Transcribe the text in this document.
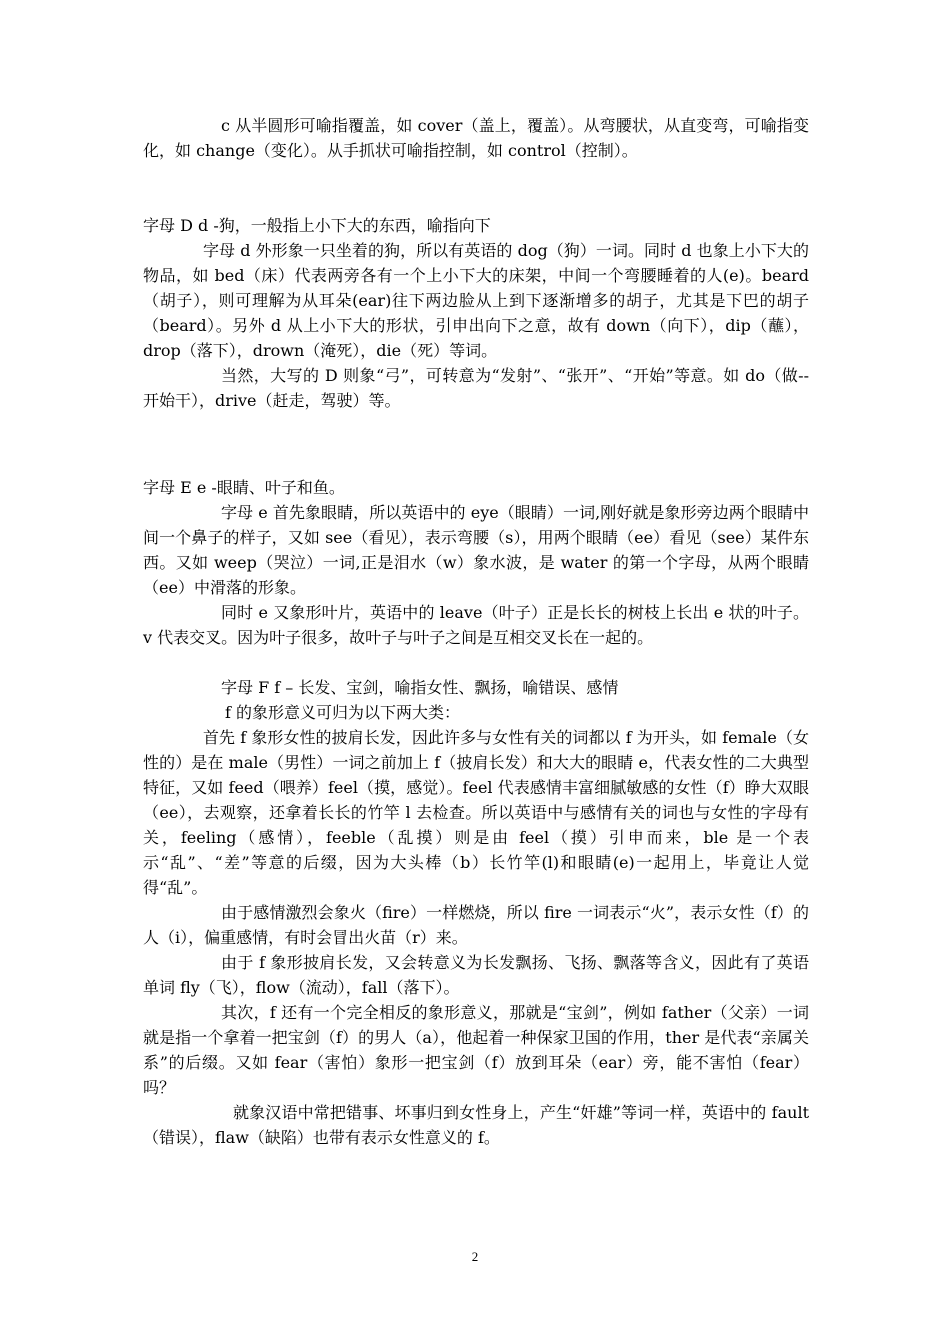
c 从半圆形可喻指覆盖，如 cover（盖上，覆盖）。从弯腰状，从直变弯，可喻指变化，如 change（变化）。从手抓状可喻指控制，如 control（控制）。

字母 D d -狗，一般指上小下大的东西，喻指向下

字母 d 外形象一只坐着的狗，所以有英语的 dog（狗）一词。同时 d 也象上小下大的物品，如 bed（床）代表两旁各有一个上小下大的床架，中间一个弯腰睡着的人(e)。beard（胡子），则可理解为从耳朵(ear)往下两边脸从上到下逐渐增多的胡子，尤其是下巴的胡子（beard）。另外 d 从上小下大的形状，引申出向下之意，故有 down（向下），dip（蘸），drop（落下），drown（淹死），die（死）等词。

当然，大写的 D 则象“弓”，可转意为“发射”、“张开”、“开始”等意。如 do（做--开始干），drive（赶走，驾驶）等。

字母 E e -眼睛、叶子和鱼。

字母 e 首先象眼睛，所以英语中的 eye（眼睛）一词,刚好就是象形旁边两个眼睛中间一个鼻子的样子，又如 see（看见），表示弯腰（s），用两个眼睛（ee）看见（see）某件东西。又如 weep（哭泣）一词,正是泪水（w）象水波，是 water 的第一个字母，从两个眼睛（ee）中滑落的形象。

同时 e 又象形叶片，英语中的 leave（叶子）正是长长的树枝上长出 e 状的叶子。v 代表交叉。因为叶子很多，故叶子与叶子之间是互相交叉长在一起的。

字母 F f – 长发、宝剑，喻指女性、飘扬，喻错误、感情

f 的象形意义可归为以下两大类：

首先 f 象形女性的披肩长发，因此许多与女性有关的词都以 f 为开头，如 female（女性的）是在 male（男性）一词之前加上 f（披肩长发）和大大的眼睛 e，代表女性的二大典型特征，又如 feed（喂养）feel（摸，感觉）。feel 代表感情丰富细腻敏感的女性（f）睁大双眼（ee），去观察，还拿着长长的竹竿 l 去检查。所以英语中与感情有关的词也与女性的字母有关，feeling（感情），feeble（乱摸）则是由 feel（摸）引申而来，ble 是一个表示“乱”、“差”等意的后缀，因为大头棒（b）长竹竿(l)和眼睛(e)一起用上，毕竟让人觉得“乱”。

由于感情激烈会象火（fire）一样燃烧，所以 fire 一词表示“火”，表示女性（f）的人（i），偏重感情，有时会冒出火苗（r）来。

由于 f 象形披肩长发，又会转意义为长发飘扬、飞扬、飘落等含义，因此有了英语单词 fly（飞），flow（流动），fall（落下）。

其次，f 还有一个完全相反的象形意义，那就是“宝剑”，例如 father（父亲）一词就是指一个拿着一把宝剑（f）的男人（a），他起着一种保家卫国的作用，ther 是代表“亲属关系”的后缀。又如 fear（害怕）象形一把宝剑（f）放到耳朵（ear）旁，能不害怕（fear）吗？

就象汉语中常把错事、坏事归到女性身上，产生“奸雄”等词一样，英语中的 fault（错误），flaw（缺陷）也带有表示女性意义的 f。

2
